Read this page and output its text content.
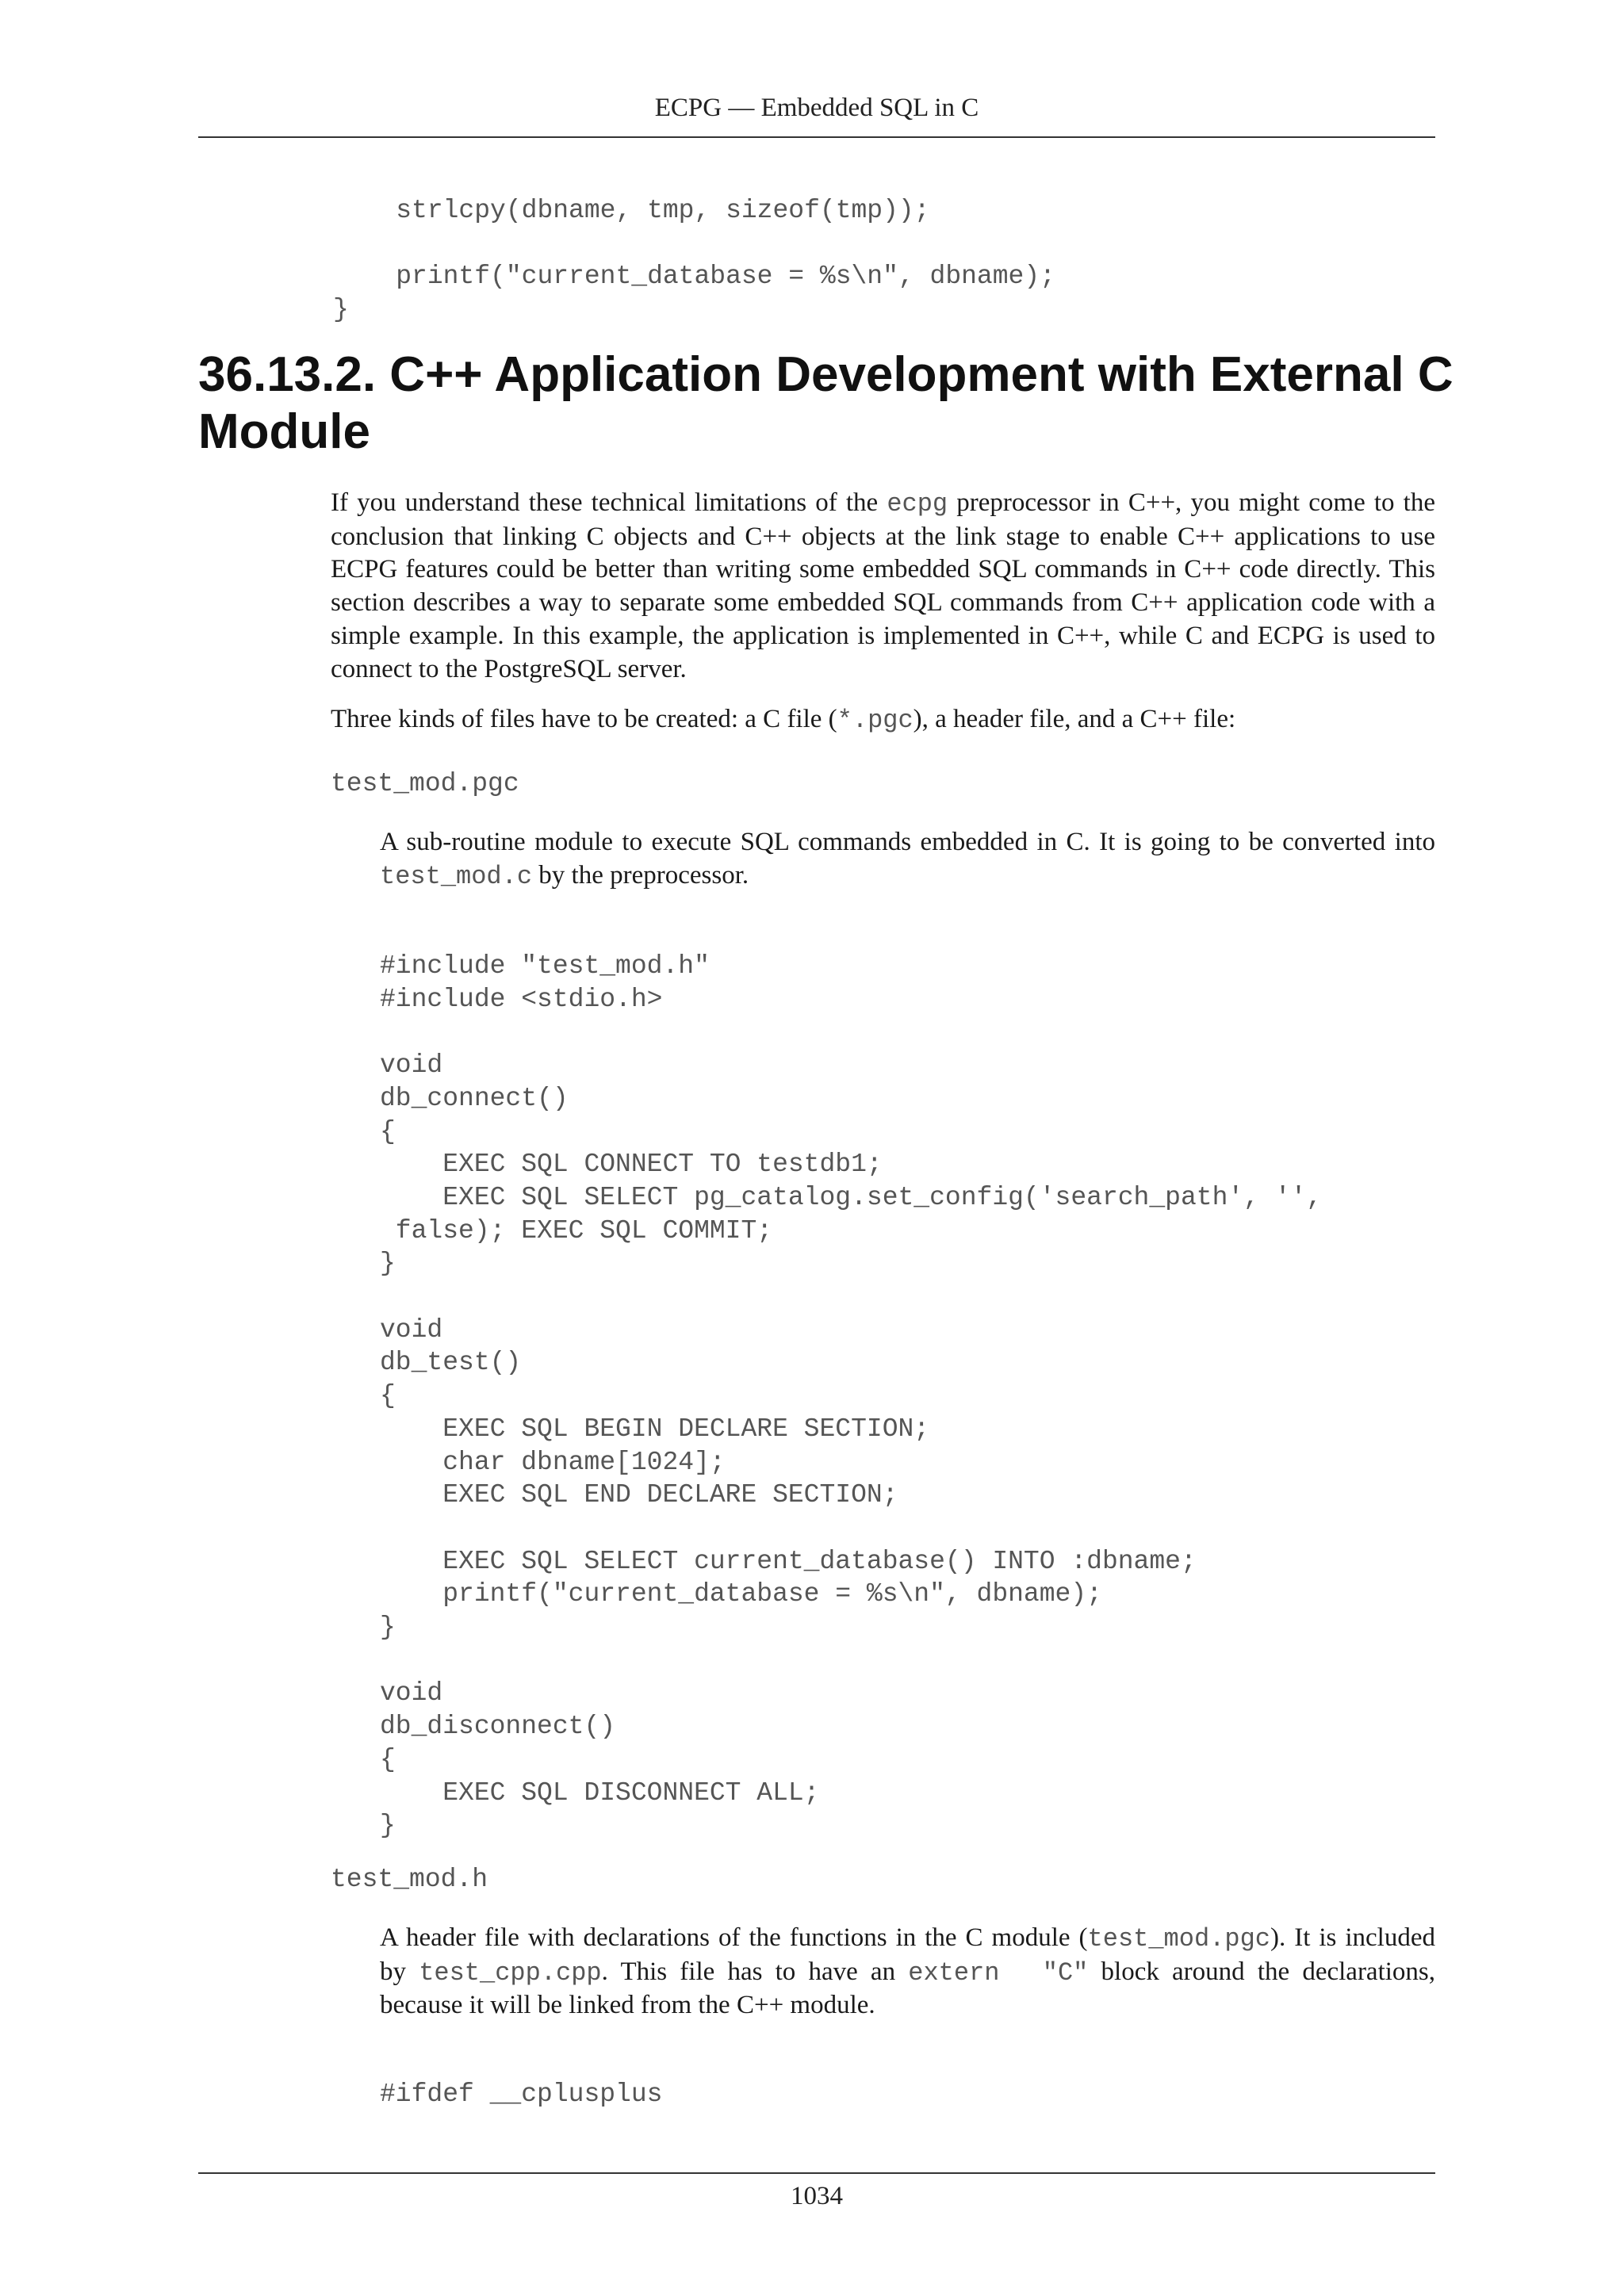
ECPG — Embedded SQL in C
strlcpy(dbname, tmp, sizeof(tmp));

printf("current_database = %s\n", dbname);
}
36.13.2. C++ Application Development with External C Module

If you understand these technical limitations of the ecpg preprocessor in C++, you might come to the conclusion that linking C objects and C++ objects at the link stage to enable C++ applications to use ECPG features could be better than writing some embedded SQL commands in C++ code directly. This section describes a way to separate some embedded SQL commands from C++ application code with a simple example. In this example, the application is implemented in C++, while C and ECPG is used to connect to the PostgreSQL server.

Three kinds of files have to be created: a C file (*.pgc), a header file, and a C++ file:

test_mod.pgc

A sub-routine module to execute SQL commands embedded in C. It is going to be converted into test_mod.c by the preprocessor.

#include "test_mod.h"
#include <stdio.h>

void
db_connect()
{
EXEC SQL CONNECT TO testdb1;
EXEC SQL SELECT pg_catalog.set_config('search_path', '',
false); EXEC SQL COMMIT;
}

void
db_test()
{
EXEC SQL BEGIN DECLARE SECTION;
char dbname[1024];
EXEC SQL END DECLARE SECTION;

EXEC SQL SELECT current_database() INTO :dbname;
printf("current_database = %s\n", dbname);
}

void
db_disconnect()
{
EXEC SQL DISCONNECT ALL;
}
test_mod.h

A header file with declarations of the functions in the C module (test_mod.pgc). It is included by test_cpp.cpp. This file has to have an extern  "C" block around the declarations, because it will be linked from the C++ module.

#ifdef __cplusplus
1034
